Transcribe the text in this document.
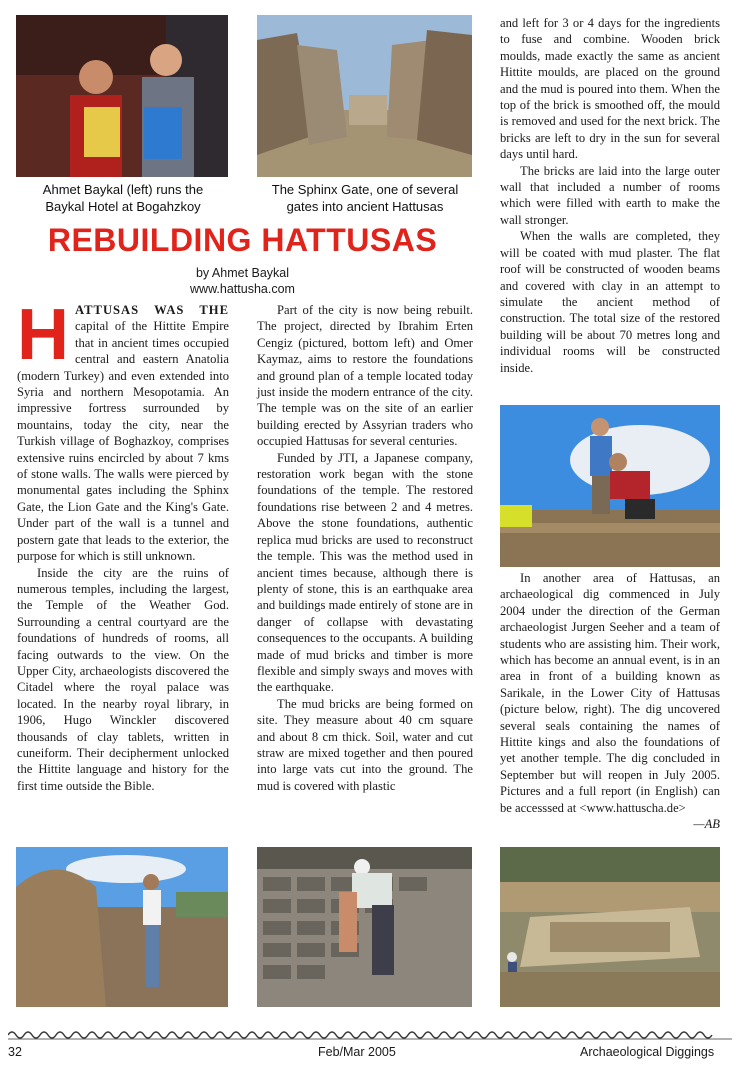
Ahmet Baykal (left) runs the Baykal Hotel at Bogahzkoy
The Sphinx Gate, one of several gates into ancient Hattusas
REBUILDING HATTUSAS
by Ahmet Baykal
www.hattusha.com

HATTUSAS WAS THE capital of the Hittite Empire that in ancient times occupied central and eastern Anatolia (modern Turkey) and even extended into Syria and northern Mesopotamia. An impressive fortress surrounded by mountains, today the city, near the Turkish village of Boghazkoy, comprises extensive ruins encircled by about 7 kms of stone walls. The walls were pierced by monumental gates including the Sphinx Gate, the Lion Gate and the King's Gate. Under part of the wall is a tunnel and postern gate that leads to the exterior, the purpose for which is still unknown.

Inside the city are the ruins of numerous temples, including the largest, the Temple of the Weather God. Surrounding a central courtyard are the foundations of hundreds of rooms, all facing outwards to the view. On the Upper City, archaeologists discovered the Citadel where the royal palace was located. In the nearby royal library, in 1906, Hugo Winckler discovered thousands of clay tablets, written in cuneiform. Their decipherment unlocked the Hittite language and history for the first time outside the Bible.

Part of the city is now being rebuilt. The project, directed by Ibrahim Erten Cengiz (pictured, bottom left) and Omer Kaymaz, aims to restore the foundations and ground plan of a temple located today just inside the modern entrance of the city. The temple was on the site of an earlier building erected by Assyrian traders who occupied Hattusas for several centuries.

Funded by JTI, a Japanese company, restoration work began with the stone foundations of the temple. The restored foundations rise between 2 and 4 metres. Above the stone foundations, authentic replica mud bricks are used to reconstruct the temple. This was the method used in ancient times because, although there is plenty of stone, this is an earthquake area and buildings made entirely of stone are in danger of collapse with devastating consequences to the occupants. A building made of mud bricks and timber is more flexible and simply sways and moves with the earthquake.

The mud bricks are being formed on site. They measure about 40 cm square and about 8 cm thick. Soil, water and cut straw are mixed together and then poured into large vats cut into the ground. The mud is covered with plastic

and left for 3 or 4 days for the ingredients to fuse and combine. Wooden brick moulds, made exactly the same as ancient Hittite moulds, are placed on the ground and the mud is poured into them. When the top of the brick is smoothed off, the mould is removed and used for the next brick. The bricks are left to dry in the sun for several days until hard.

The bricks are laid into the large outer wall that included a number of rooms which were filled with earth to make the wall stronger.

When the walls are completed, they will be coated with mud plaster. The flat roof will be constructed of wooden beams and covered with clay in an attempt to simulate the ancient method of construction. The total size of the restored building will be about 70 metres long and individual rooms will be constructed inside.

In another area of Hattusas, an archaeological dig commenced in July 2004 under the direction of the German archaeologist Jurgen Seeher and a team of students who are assisting him. Their work, which has become an annual event, is in an area in front of a building known as Sarikale, in the Lower City of Hattusas (picture below, right). The dig uncovered several seals containing the names of Hittite kings and also the foundations of yet another temple. The dig concluded in September but will reopen in July 2005. Pictures and a full report (in English) can be accesssed at <www.hattuscha.de>
—AB

32	Feb/Mar 2005	Archaeological Diggings
